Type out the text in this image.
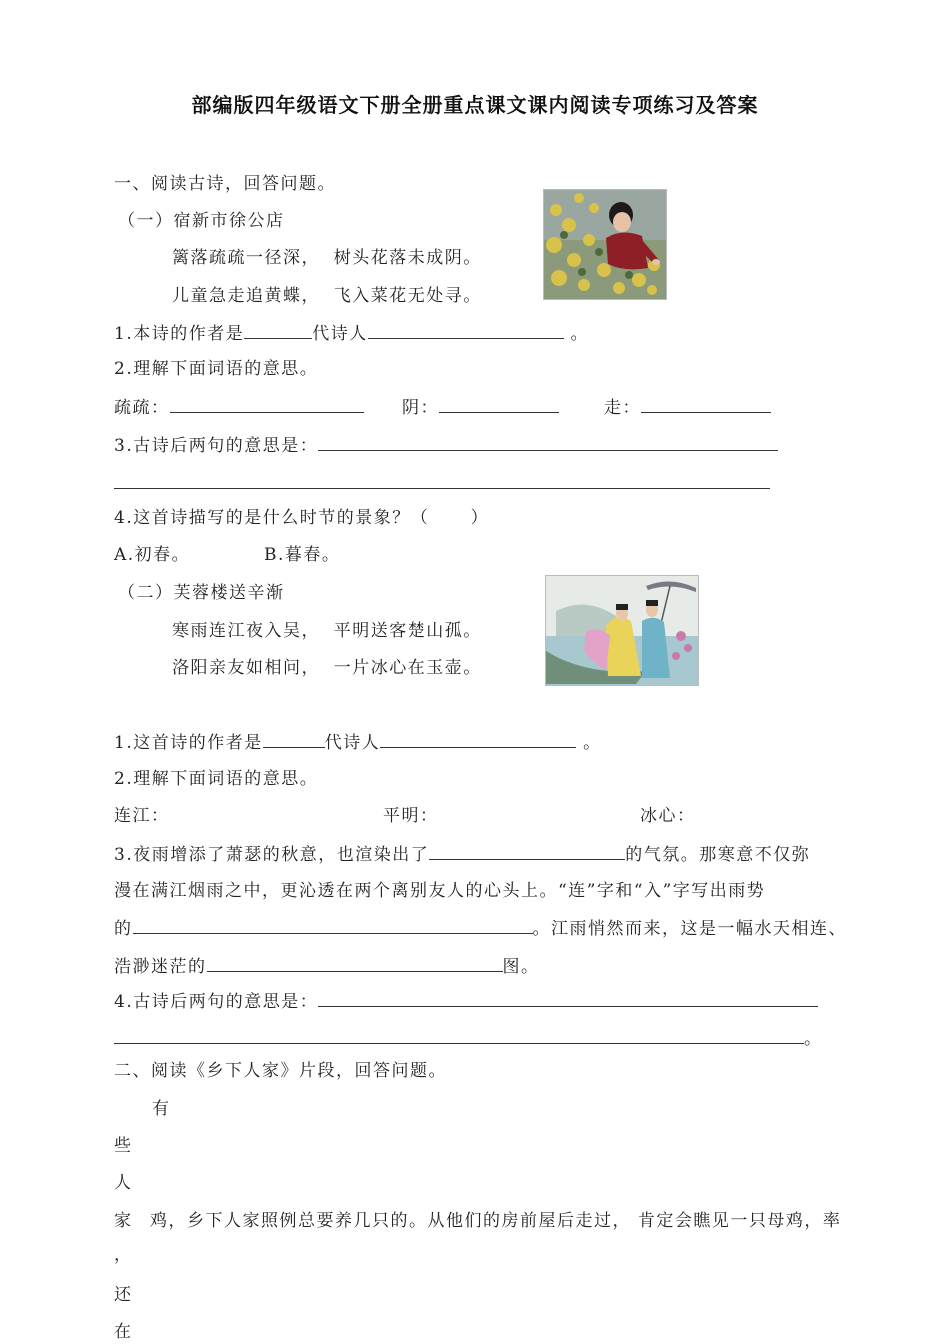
部编版四年级语文下册全册重点课文课内阅读专项练习及答案
一、阅读古诗，回答问题。
（一）宿新市徐公店
篱落疏疏一径深，  树头花落未成阴。
儿童急走追黄蝶，  飞入菜花无处寻。
1.本诗的作者是	代诗人	。
2.理解下面词语的意思。
疏疏：	阴：	走：
3.古诗后两句的意思是：
4.这首诗描写的是什么时节的景象？（      ）
A.初春。	B.暮春。
（二）芙蓉楼送辛渐
寒雨连江夜入吴，  平明送客楚山孤。
洛阳亲友如相问，  一片冰心在玉壶。
1.这首诗的作者是	代诗人	。
2.理解下面词语的意思。
连江：	平明：	冰心：
3.夜雨增添了萧瑟的秋意，也渲染出了	的气氛。那寒意不仅弥
漫在满江烟雨之中，更沁透在两个离别友人的心头上。“连”字和“入”字写出雨势
的	。江雨悄然而来，这是一幅水天相连、
浩渺迷茫的	图。
4.古诗后两句的意思是：
。
二、阅读《乡下人家》片段，回答问题。
有
些
人
家 鸡，乡下人家照例总要养几只的。从他们的房前屋后走过， 肯定会瞧见一只母鸡，率
，
还
在
